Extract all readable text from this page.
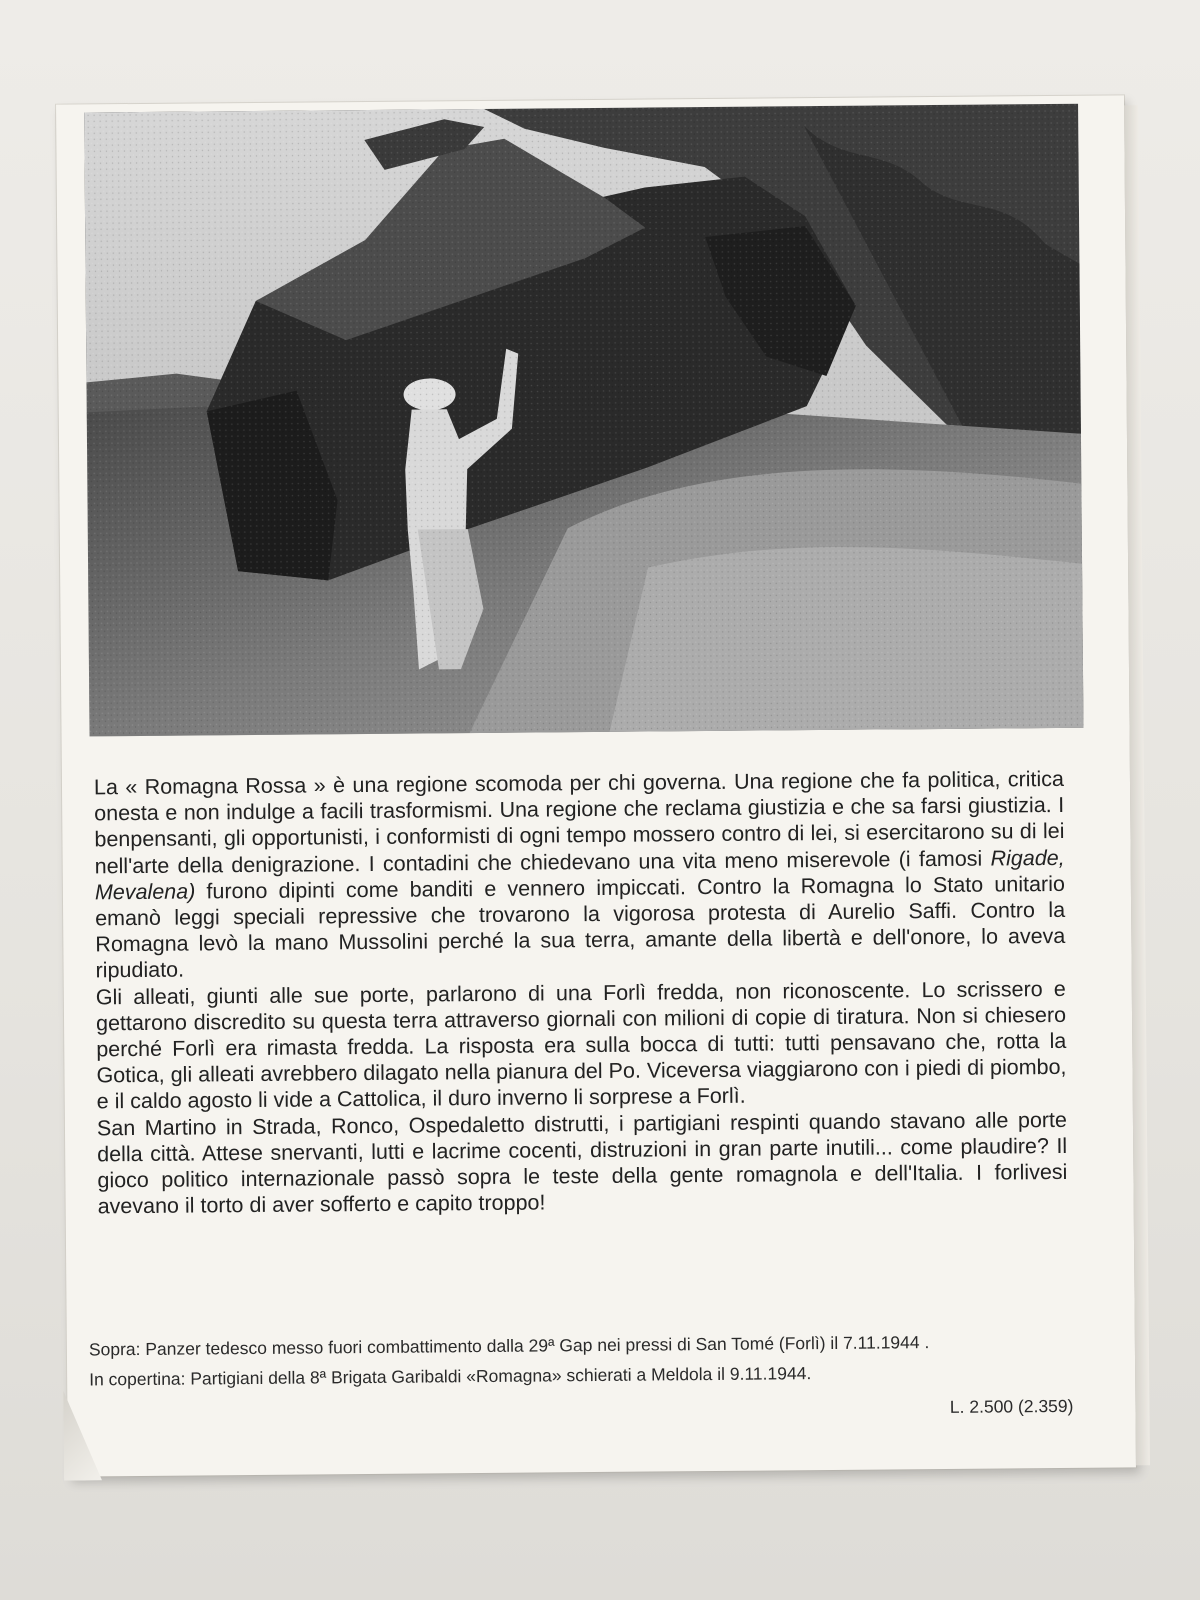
La « Romagna Rossa » è una regione scomoda per chi governa. Una regione che fa politica, critica onesta e non indulge a facili trasformismi. Una regione che reclama giustizia e che sa farsi giustizia. I benpensanti, gli opportunisti, i conformisti di ogni tempo mossero contro di lei, si esercitarono su di lei nell'arte della denigrazione. I contadini che chiedevano una vita meno miserevole (i famosi Rigade, Mevalena) furono dipinti come banditi e vennero impiccati. Contro la Romagna lo Stato unitario emanò leggi speciali repressive che trovarono la vigorosa protesta di Aurelio Saffi. Contro la Romagna levò la mano Mussolini perché la sua terra, amante della libertà e dell'onore, lo aveva ripudiato.

Gli alleati, giunti alle sue porte, parlarono di una Forlì fredda, non riconoscente. Lo scrissero e gettarono discredito su questa terra attraverso giornali con milioni di copie di tiratura. Non si chiesero perché Forlì era rimasta fredda. La risposta era sulla bocca di tutti: tutti pensavano che, rotta la Gotica, gli alleati avrebbero dilagato nella pianura del Po. Viceversa viaggiarono con i piedi di piombo, e il caldo agosto li vide a Cattolica, il duro inverno li sorprese a Forlì.

San Martino in Strada, Ronco, Ospedaletto distrutti, i partigiani respinti quando stavano alle porte della città. Attese snervanti, lutti e lacrime cocenti, distruzioni in gran parte inutili... come plaudire? Il gioco politico internazionale passò sopra le teste della gente romagnola e dell'Italia. I forlivesi avevano il torto di aver sofferto e capito troppo!

Sopra: Panzer tedesco messo fuori combattimento dalla 29ª Gap nei pressi di San Tomé (Forlì) il 7.11.1944 .
In copertina: Partigiani della 8ª Brigata Garibaldi «Romagna» schierati a Meldola il 9.11.1944.
L. 2.500 (2.359)
